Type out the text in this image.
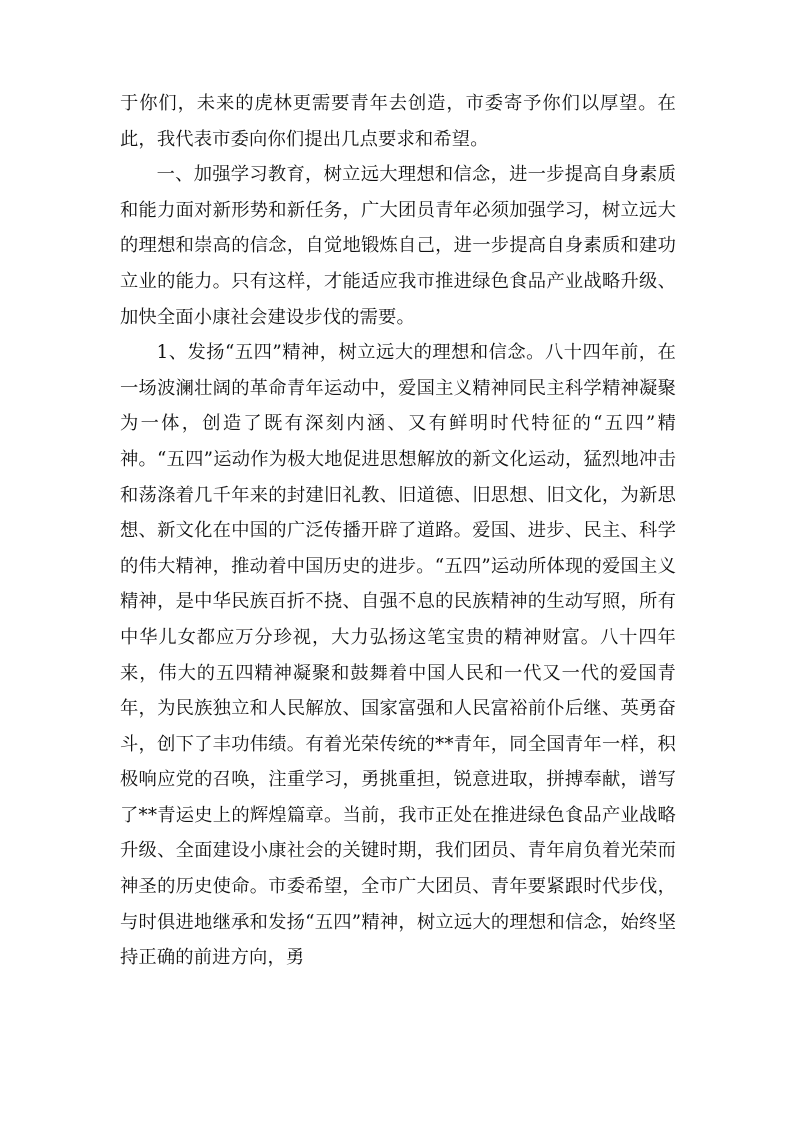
于你们，未来的虎林更需要青年去创造，市委寄予你们以厚望。在此，我代表市委向你们提出几点要求和希望。

一、加强学习教育，树立远大理想和信念，进一步提高自身素质和能力面对新形势和新任务，广大团员青年必须加强学习，树立远大的理想和崇高的信念，自觉地锻炼自己，进一步提高自身素质和建功立业的能力。只有这样，才能适应我市推进绿色食品产业战略升级、加快全面小康社会建设步伐的需要。

1、发扬“五四”精神，树立远大的理想和信念。八十四年前，在一场波澜壮阔的革命青年运动中，爱国主义精神同民主科学精神凝聚为一体，创造了既有深刻内涵、又有鲜明时代特征的“五四”精神。“五四”运动作为极大地促进思想解放的新文化运动，猛烈地冲击和荡涤着几千年来的封建旧礼教、旧道德、旧思想、旧文化，为新思想、新文化在中国的广泛传播开辟了道路。爱国、进步、民主、科学的伟大精神，推动着中国历史的进步。“五四”运动所体现的爱国主义精神，是中华民族百折不挠、自强不息的民族精神的生动写照，所有中华儿女都应万分珍视，大力弘扬这笔宝贵的精神财富。八十四年来，伟大的五四精神凝聚和鼓舞着中国人民和一代又一代的爱国青年，为民族独立和人民解放、国家富强和人民富裕前仆后继、英勇奋斗，创下了丰功伟绩。有着光荣传统的**青年，同全国青年一样，积极响应党的召唤，注重学习，勇挑重担，锐意进取，拼搏奉献，谱写了**青运史上的辉煌篇章。当前，我市正处在推进绿色食品产业战略升级、全面建设小康社会的关键时期，我们团员、青年肩负着光荣而神圣的历史使命。市委希望，全市广大团员、青年要紧跟时代步伐，与时俱进地继承和发扬“五四”精神，树立远大的理想和信念，始终坚持正确的前进方向，勇
